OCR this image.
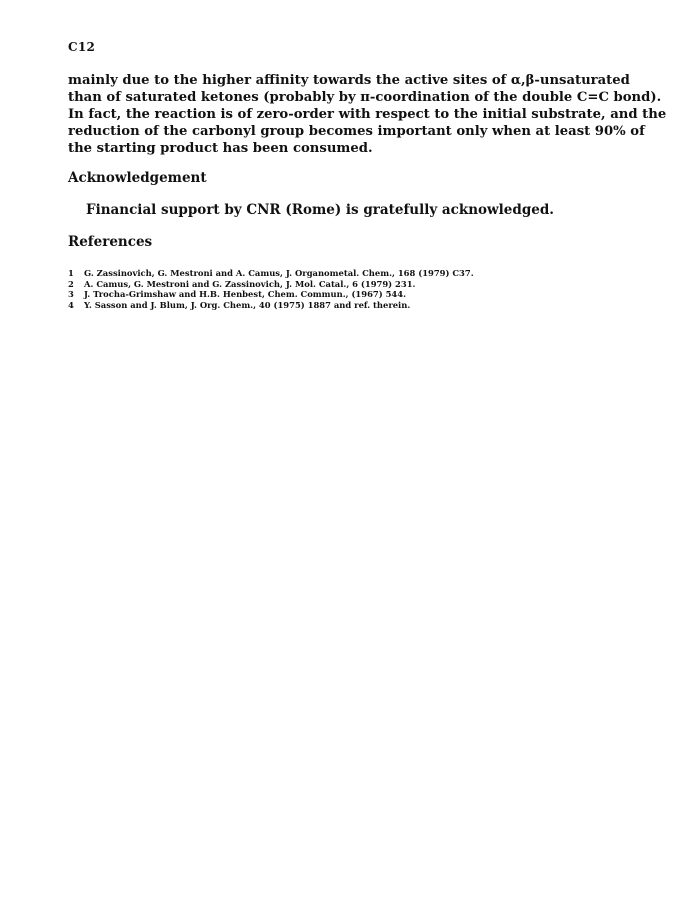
C12
mainly due to the higher affinity towards the active sites of α,β-unsaturated
than of saturated ketones (probably by π-coordination of the double C=C bond).
In fact, the reaction is of zero-order with respect to the initial substrate, and the
reduction of the carbonyl group becomes important only when at least 90% of
the starting product has been consumed.
Acknowledgement
Financial support by CNR (Rome) is gratefully acknowledged.
References
1	G. Zassinovich, G. Mestroni and A. Camus, J. Organometal. Chem., 168 (1979) C37.
2	A. Camus, G. Mestroni and G. Zassinovich, J. Mol. Catal., 6 (1979) 231.
3	J. Trocha-Grimshaw and H.B. Henbest, Chem. Commun., (1967) 544.
4	Y. Sasson and J. Blum, J. Org. Chem., 40 (1975) 1887 and ref. therein.
